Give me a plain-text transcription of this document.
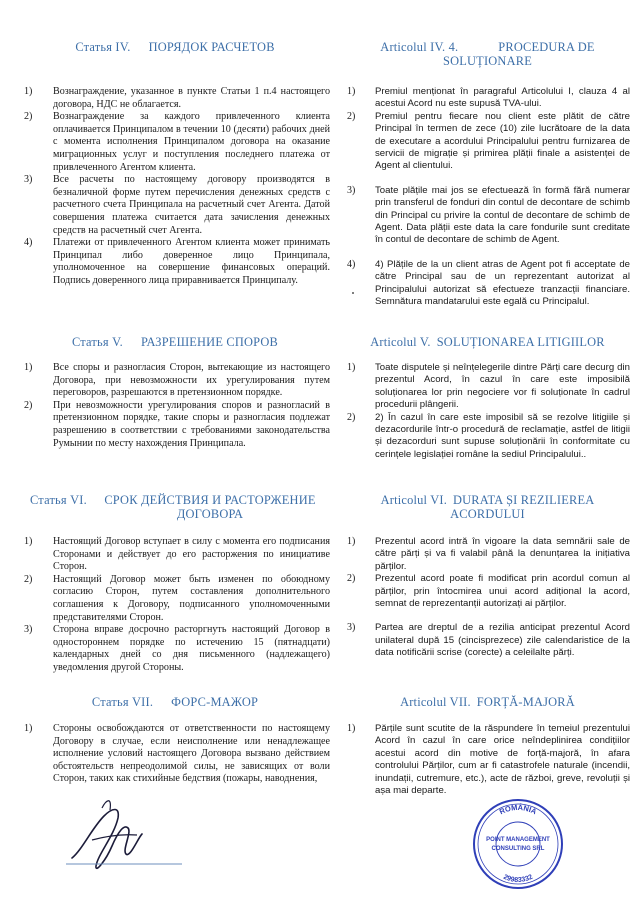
Статья IV. ПОРЯДОК РАСЧЕТОВ
1) Вознаграждение, указанное в пункте Статьи 1 п.4 настоящего договора, НДС не облагается.
2) Вознаграждение за каждого привлеченного клиента оплачивается Принципалом в течении 10 (десяти) рабочих дней с момента исполнения Принципалом договора на оказание миграционных услуг и поступления последнего платежа от привлеченного Агентом клиента.
3) Все расчеты по настоящему договору производятся в безналичной форме путем перечисления денежных средств с расчетного счета Принципала на расчетный счет Агента. Датой совершения платежа считается дата зачисления денежных средств на расчетный счет Агента.
4) Платежи от привлеченного Агентом клиента может принимать Принципал либо доверенное лицо Принципала, уполномоченное на совершение финансовых операций. Подпись доверенного лица приравнивается Принципалу.
Статья V. РАЗРЕШЕНИЕ СПОРОВ
1) Все споры и разногласия Сторон, вытекающие из настоящего Договора, при невозможности их урегулирования путем переговоров, разрешаются в претензионном порядке.
2) При невозможности урегулирования споров и разногласий в претензионном порядке, такие споры и разногласия подлежат разрешению в соответствии с требованиями законодательства Румынии по месту нахождения Принципала.
Статья VI. СРОК ДЕЙСТВИЯ И РАСТОРЖЕНИЕ ДОГОВОРА
1) Настоящий Договор вступает в силу с момента его подписания Сторонами и действует до его расторжения по инициативе Сторон.
2) Настоящий Договор может быть изменен по обоюдному согласию Сторон, путем составления дополнительного соглашения к Договору, подписанного уполномоченными представителями Сторон.
3) Сторона вправе досрочно расторгнуть настоящий Договор в одностороннем порядке по истечению 15 (пятнадцати) календарных дней со дня письменного (надлежащего) уведомления другой Стороны.
Статья VII. ФОРС-МАЖОР
1) Стороны освобождаются от ответственности по настоящему Договору в случае, если неисполнение или ненадлежащее исполнение условий настоящего Договора вызвано действием обстоятельств непреодолимой силы, не зависящих от воли Сторон, таких как стихийные бедствия (пожары, наводнения,
Articolul IV. 4.	PROCEDURA DE SOLUȚIONARE
1) Premiul menționat în paragraful Articolului I, clauza 4 al acestui Acord nu este supusă TVA-ului.
2) Premiul pentru fiecare nou client este plătit de către Principal în termen de zece (10) zile lucrătoare de la data de executare a acordului Principalului pentru furnizarea de servicii de migrație și primirea plății finale a asistenței de Agent al clientului.
3) Toate plățile mai jos se efectuează în formă fără numerar prin transferul de fonduri din contul de decontare de schimb din Principal cu privire la contul de decontare de schimb de Agent. Data plății este data la care fondurile sunt creditate în contul de decontare de schimb de Agent.
4) 4) Plățile de la un client atras de Agent pot fi acceptate de către Principal sau de un reprezentant autorizat al Principalului autorizat să efectueze tranzacții financiare. Semnătura mandatarului este egală cu Principalul.
Articolul V. SOLUȚIONAREA LITIGIILOR
1) Toate disputele și neînțelegerile dintre Părți care decurg din prezentul Acord, în cazul în care este imposibilă soluționarea lor prin negociere vor fi soluționate în cadrul procedurii plângerii.
2) 2) În cazul în care este imposibil să se rezolve litigiile și dezacordurile într-o procedură de reclamație, astfel de litigii și dezacorduri sunt supuse soluționării în conformitate cu cerințele legislației române la sediul Principalului..
Articolul VI. DURATA ȘI REZILIEREA ACORDULUI
1) Prezentul acord intră în vigoare la data semnării sale de către părți și va fi valabil până la denunțarea la inițiativa părților.
2) Prezentul acord poate fi modificat prin acordul comun al părților, prin întocmirea unui acord adițional la acord, semnat de reprezentanții autorizați ai părților.
3) Partea are dreptul de a rezilia anticipat prezentul Acord unilateral după 15 (cincisprezece) zile calendaristice de la data notificării scrise (corecte) a celeilalte părți.
Articolul VII. FORȚĂ-MAJORĂ
1) Părțile sunt scutite de la răspundere în temeiul prezentului Acord în cazul în care orice neîndeplinirea condițiilor acestui acord din motive de forță-majoră, în afara controlului Părților, cum ar fi catastrofele naturale (incendii, inundații, cutremure, etc.), acte de război, greve, revoluții și așa mai departe.
ROMÂNIA
POINT MANAGEMENT
CONSULTING SRL
29983332
